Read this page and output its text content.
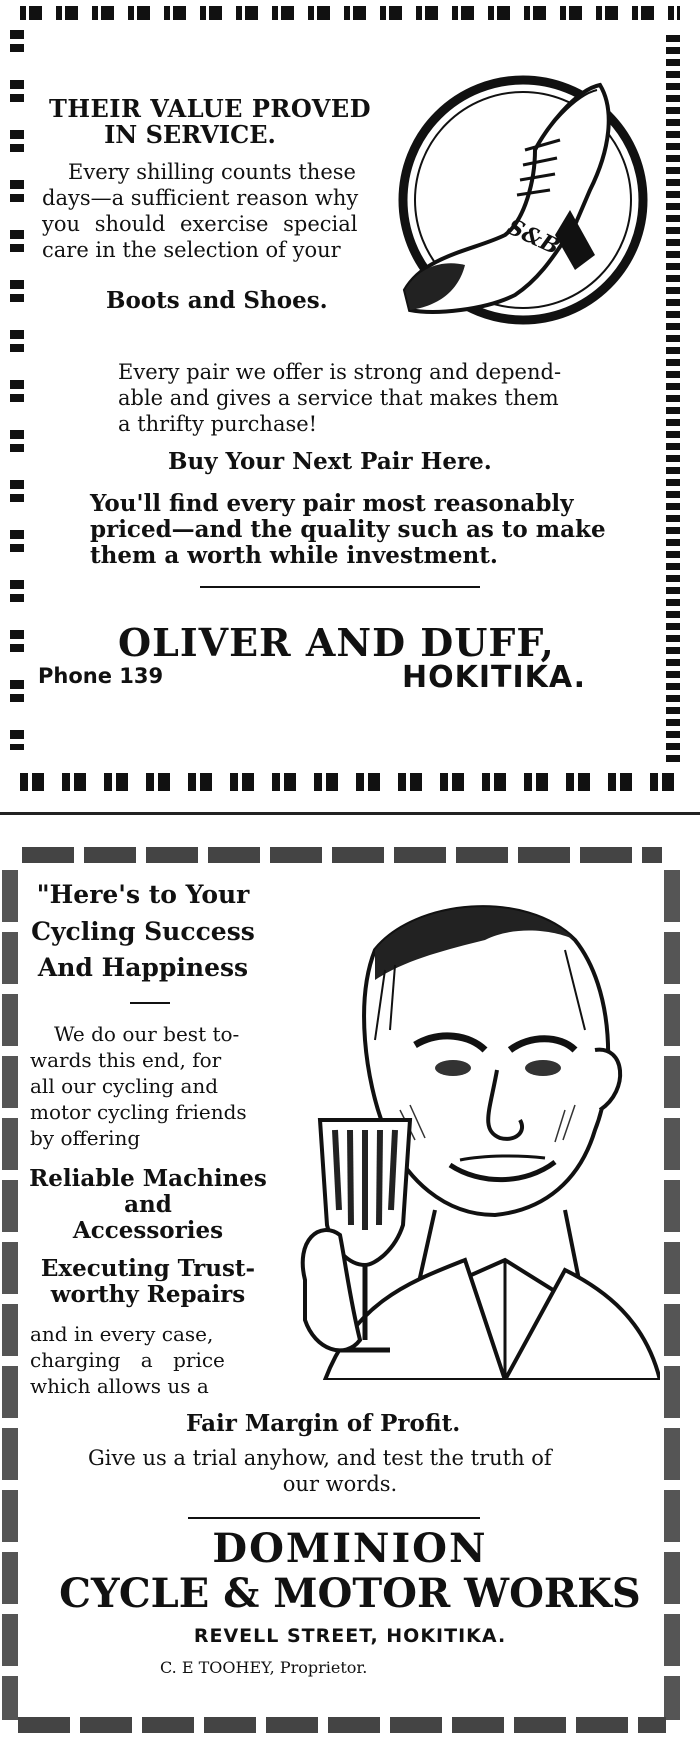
THEIR VALUE PROVED
IN SERVICE.

Every shilling counts these

days—a sufficient reason why

you should exercise special

care in the selection of your

Boots and Shoes.
S&B

Every pair we offer is strong and depend-

able and gives a service that makes them

a thrifty purchase!

Buy Your Next Pair Here.

You'll find every pair most reasonably

priced—and the quality such as to make

them a worth while investment.

OLIVER AND DUFF,

Phone 139	HOKITIKA.

"Here's to Your
Cycling Success
And Happiness

We do our best to-

wards this end, for

all our cycling and

motor cycling friends

by offering

Reliable Machines
and
Accessories
Executing Trust-
worthy Repairs

and in every case,

charging a price

which allows us a

Fair Margin of Profit.

Give us a trial anyhow, and test the truth of

our words.

DOMINION
CYCLE & MOTOR WORKS

REVELL STREET, HOKITIKA.

C. E TOOHEY, Proprietor.
